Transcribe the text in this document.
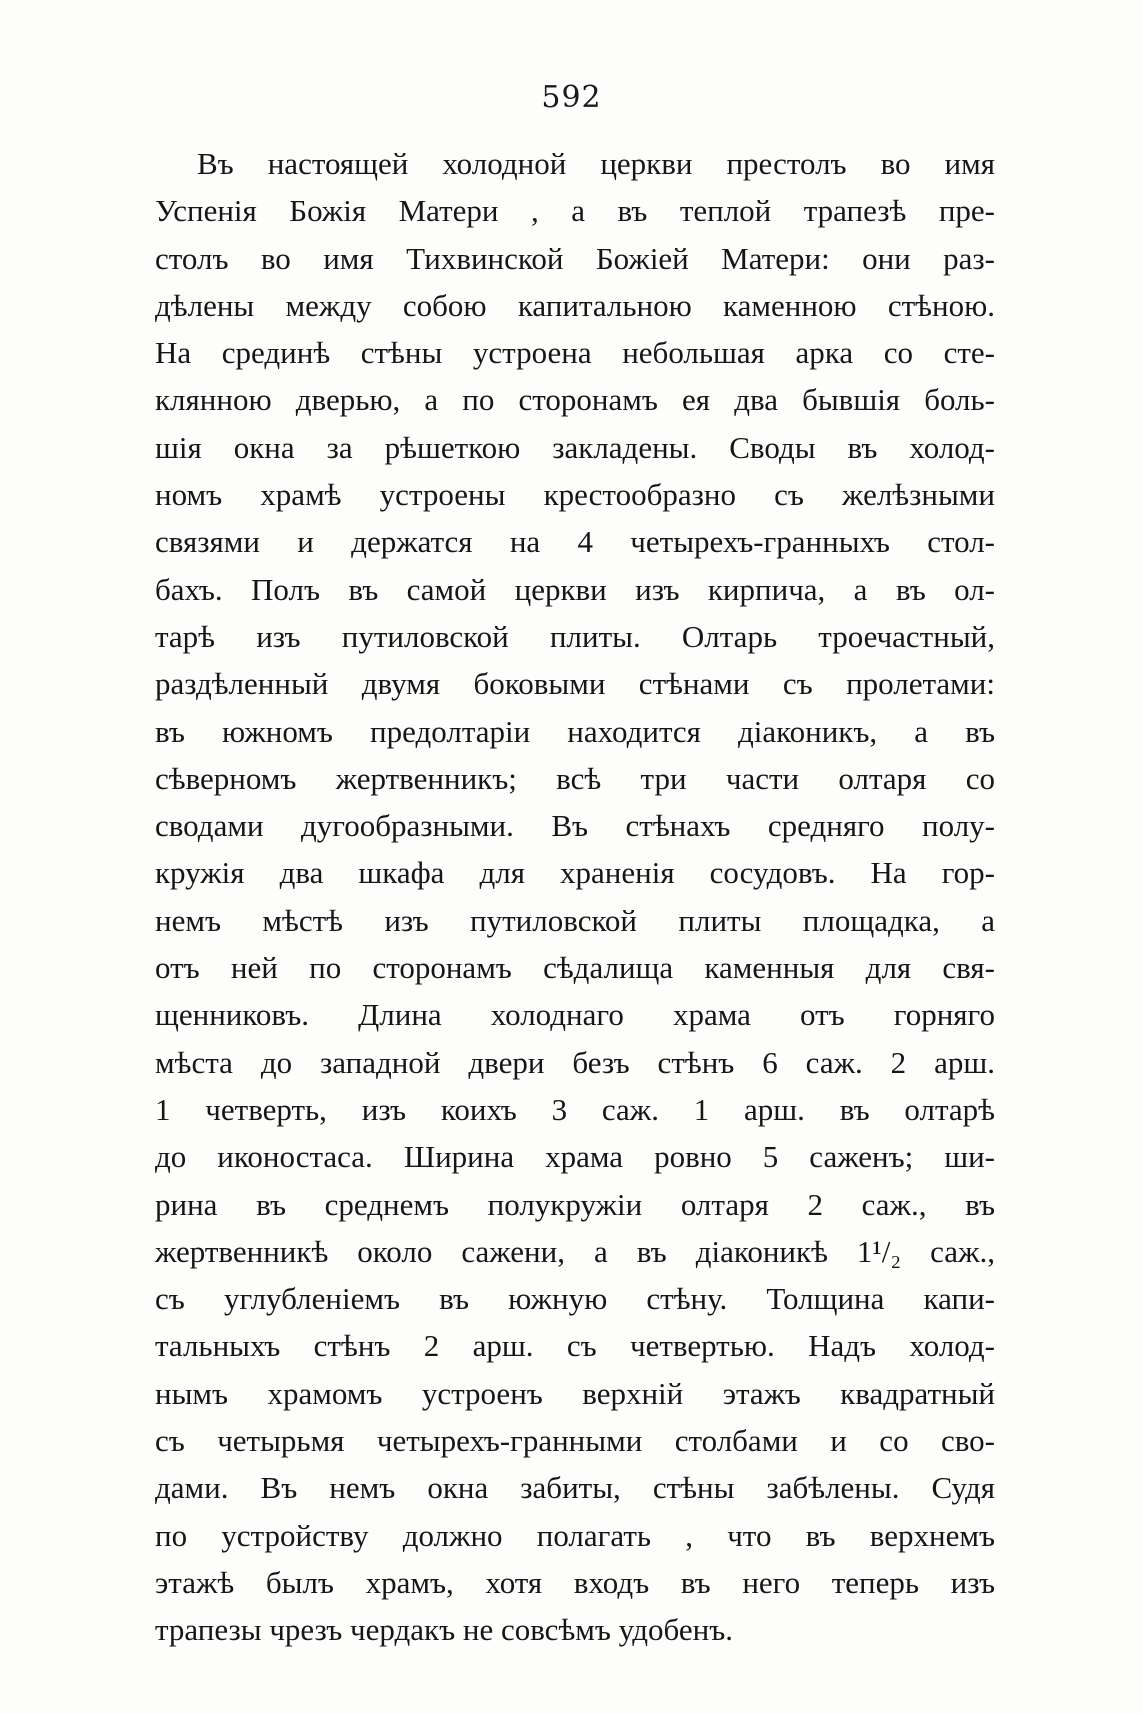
592
Въ настоящей холодной церкви престолъ во имя
Успенія Божія Матери , а въ теплой трапезѣ пре-
столъ во имя Тихвинской Божіей Матери: они раз-
дѣлены между собою капитальною каменною стѣною.
На срединѣ стѣны устроена небольшая арка со сте-
клянною дверью, а по сторонамъ ея два бывшія боль-
шія окна за рѣшеткою закладены. Своды въ холод-
номъ храмѣ устроены крестообразно съ желѣзными
связями и держатся на 4 четырехъ-гранныхъ стол-
бахъ. Полъ въ самой церкви изъ кирпича, а въ ол-
тарѣ изъ путиловской плиты. Олтарь троечастный,
раздѣленный двумя боковыми стѣнами съ пролетами:
въ южномъ предолтаріи находится діаконикъ, а въ
сѣверномъ жертвенникъ; всѣ три части олтаря со
сводами дугообразными. Въ стѣнахъ средняго полу-
кружія два шкафа для храненія сосудовъ. На гор-
немъ мѣстѣ изъ путиловской плиты площадка, а
отъ ней по сторонамъ сѣдалища каменныя для свя-
щенниковъ. Длина холоднаго храма отъ горняго
мѣста до западной двери безъ стѣнъ 6 саж. 2 арш.
1 четверть, изъ коихъ 3 саж. 1 арш. въ олтарѣ
до иконостаса. Ширина храма ровно 5 саженъ; ши-
рина въ среднемъ полукружіи олтаря 2 саж., въ
жертвенникѣ около сажени, а въ діаконикѣ 1¹/₂ саж.,
съ углубленіемъ въ южную стѣну. Толщина капи-
тальныхъ стѣнъ 2 арш. съ четвертью. Надъ холод-
нымъ храмомъ устроенъ верхній этажъ квадратный
съ четырьмя четырехъ-гранными столбами и со сво-
дами. Въ немъ окна забиты, стѣны забѣлены. Судя
по устройству должно полагать , что въ верхнемъ
этажѣ былъ храмъ, хотя входъ въ него теперь изъ
трапезы чрезъ чердакъ не совсѣмъ удобенъ.
